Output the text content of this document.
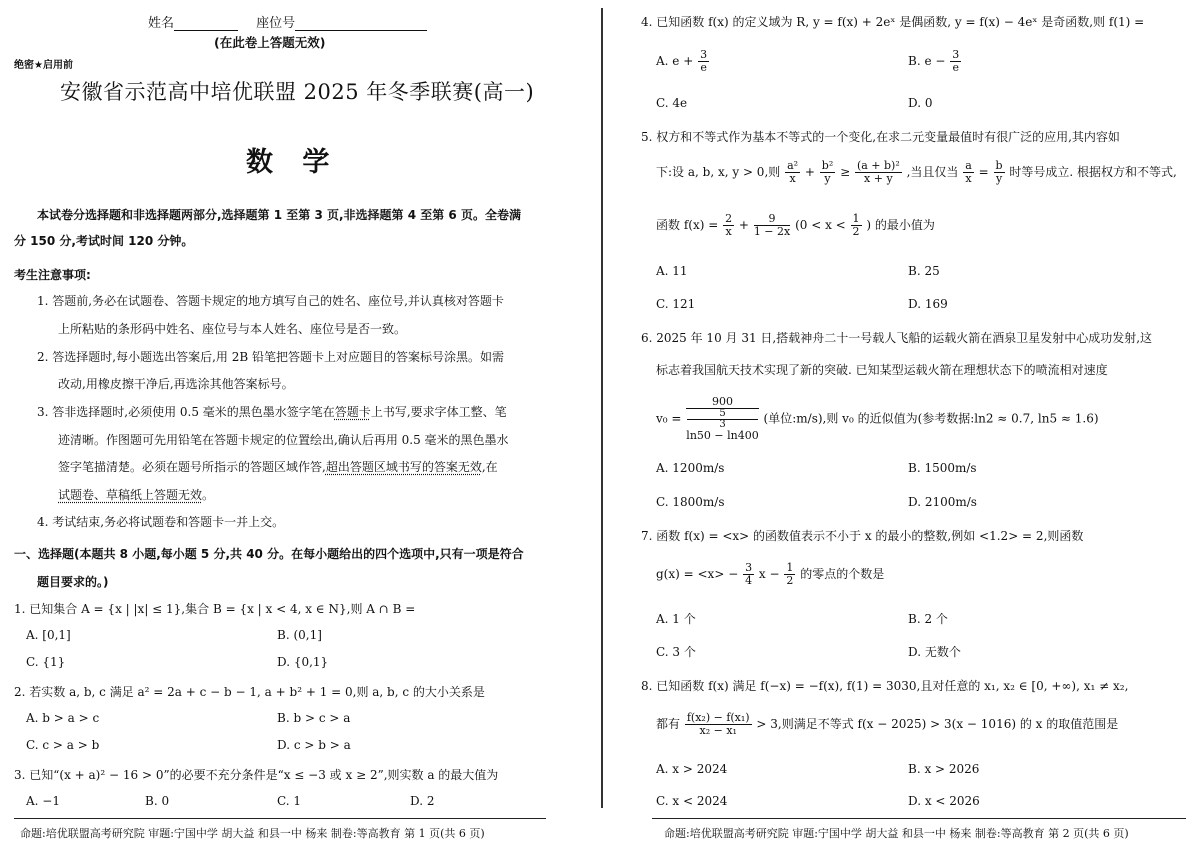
姓名	座位号
(在此卷上答题无效)
绝密★启用前
安徽省示范高中培优联盟 2025 年冬季联赛(高一)
数 学
本试卷分选择题和非选择题两部分,选择题第 1 至第 3 页,非选择题第 4 至第 6 页。全卷满
分 150 分,考试时间 120 分钟。
考生注意事项:
1. 答题前,务必在试题卷、答题卡规定的地方填写自己的姓名、座位号,并认真核对答题卡
上所粘贴的条形码中姓名、座位号与本人姓名、座位号是否一致。
2. 答选择题时,每小题选出答案后,用 2B 铅笔把答题卡上对应题目的答案标号涂黑。如需
改动,用橡皮擦干净后,再选涂其他答案标号。
3. 答非选择题时,必须使用 0.5 毫米的黑色墨水签字笔在答题卡上书写,要求字体工整、笔
迹清晰。作图题可先用铅笔在答题卡规定的位置绘出,确认后再用 0.5 毫米的黑色墨水
签字笔描清楚。必须在题号所指示的答题区域作答,超出答题区域书写的答案无效,在
试题卷、草稿纸上答题无效。
4. 考试结束,务必将试题卷和答题卡一并上交。
一、选择题(本题共 8 小题,每小题 5 分,共 40 分。在每小题给出的四个选项中,只有一项是符合
题目要求的。)
1. 已知集合 A = {x | |x| ≤ 1},集合 B = {x | x < 4, x ∈ N},则 A ∩ B =
A. [0,1]	B. (0,1]
C. {1}	D. {0,1}
2. 若实数 a, b, c 满足 a² = 2a + c − b − 1, a + b² + 1 = 0,则 a, b, c 的大小关系是
A. b > a > c	B. b > c > a
C. c > a > b	D. c > b > a
3. 已知“(x + a)² − 16 > 0”的必要不充分条件是“x ≤ −3 或 x ≥ 2”,则实数 a 的最大值为
A. −1	B. 0	C. 1	D. 2
命题:培优联盟高考研究院 审题:宁国中学 胡大益 和县一中 杨来 制卷:等高教育 第 1 页(共 6 页)
4. 已知函数 f(x) 的定义域为 R, y = f(x) + 2eˣ 是偶函数, y = f(x) − 4eˣ 是奇函数,则 f(1) =
A. $e + \frac{3}{e}$	B. $e - \frac{3}{e}$
C. 4e	D. 0
5. 权方和不等式作为基本不等式的一个变化,在求二元变量最值时有很广泛的应用,其内容如
下:设 a, b, x, y > 0,则 $\frac{\text{a²}}{x} + \frac{\text{b²}}{y} \ge \frac{\text{(a + b)²}}{x + y}$ ,当且仅当 $\frac{a}{x} = \frac{b}{y}$ 时等号成立. 根据权方和不等式,
函数 $f(x) = \frac{2}{x} + \frac{9}{1 - 2x} (0 < x < \frac{1}{2}$ ) 的最小值为
A. 11	B. 25
C. 121	D. 169
6. 2025 年 10 月 31 日,搭载神舟二十一号载人飞船的运载火箭在酒泉卫星发射中心成功发射,这
标志着我国航天技术实现了新的突破. 已知某型运载火箭在理想状态下的喷流相对速度
v₀ = 900
5
3
ln50 − ln400 (单位:m/s),则 v₀ 的近似值为(参考数据:ln2 ≈ 0.7, ln5 ≈ 1.6)
A. 1200m/s	B. 1500m/s
C. 1800m/s	D. 2100m/s
7. 函数 f(x) = <x> 的函数值表示不小于 x 的最小的整数,例如 <1.2> = 2,则函数
$g(x) = <x> - \frac{3}{4}$ $x - \frac{1}{2}$ 的零点的个数是
A. 1 个	B. 2 个
C. 3 个	D. 无数个
8. 已知函数 f(x) 满足 f(−x) = −f(x), f(1) = 3030,且对任意的 x₁, x₂ ∈ [0, +∞), x₁ ≠ x₂,
都有 $\frac{\text{f(x₂) − f(x₁)}}{\text{x₂ − x₁}} > 3$,则满足不等式 f(x − 2025) > 3(x − 1016) 的 x 的取值范围是
A. x > 2024	B. x > 2026
C. x < 2024	D. x < 2026
命题:培优联盟高考研究院 审题:宁国中学 胡大益 和县一中 杨来 制卷:等高教育 第 2 页(共 6 页)
